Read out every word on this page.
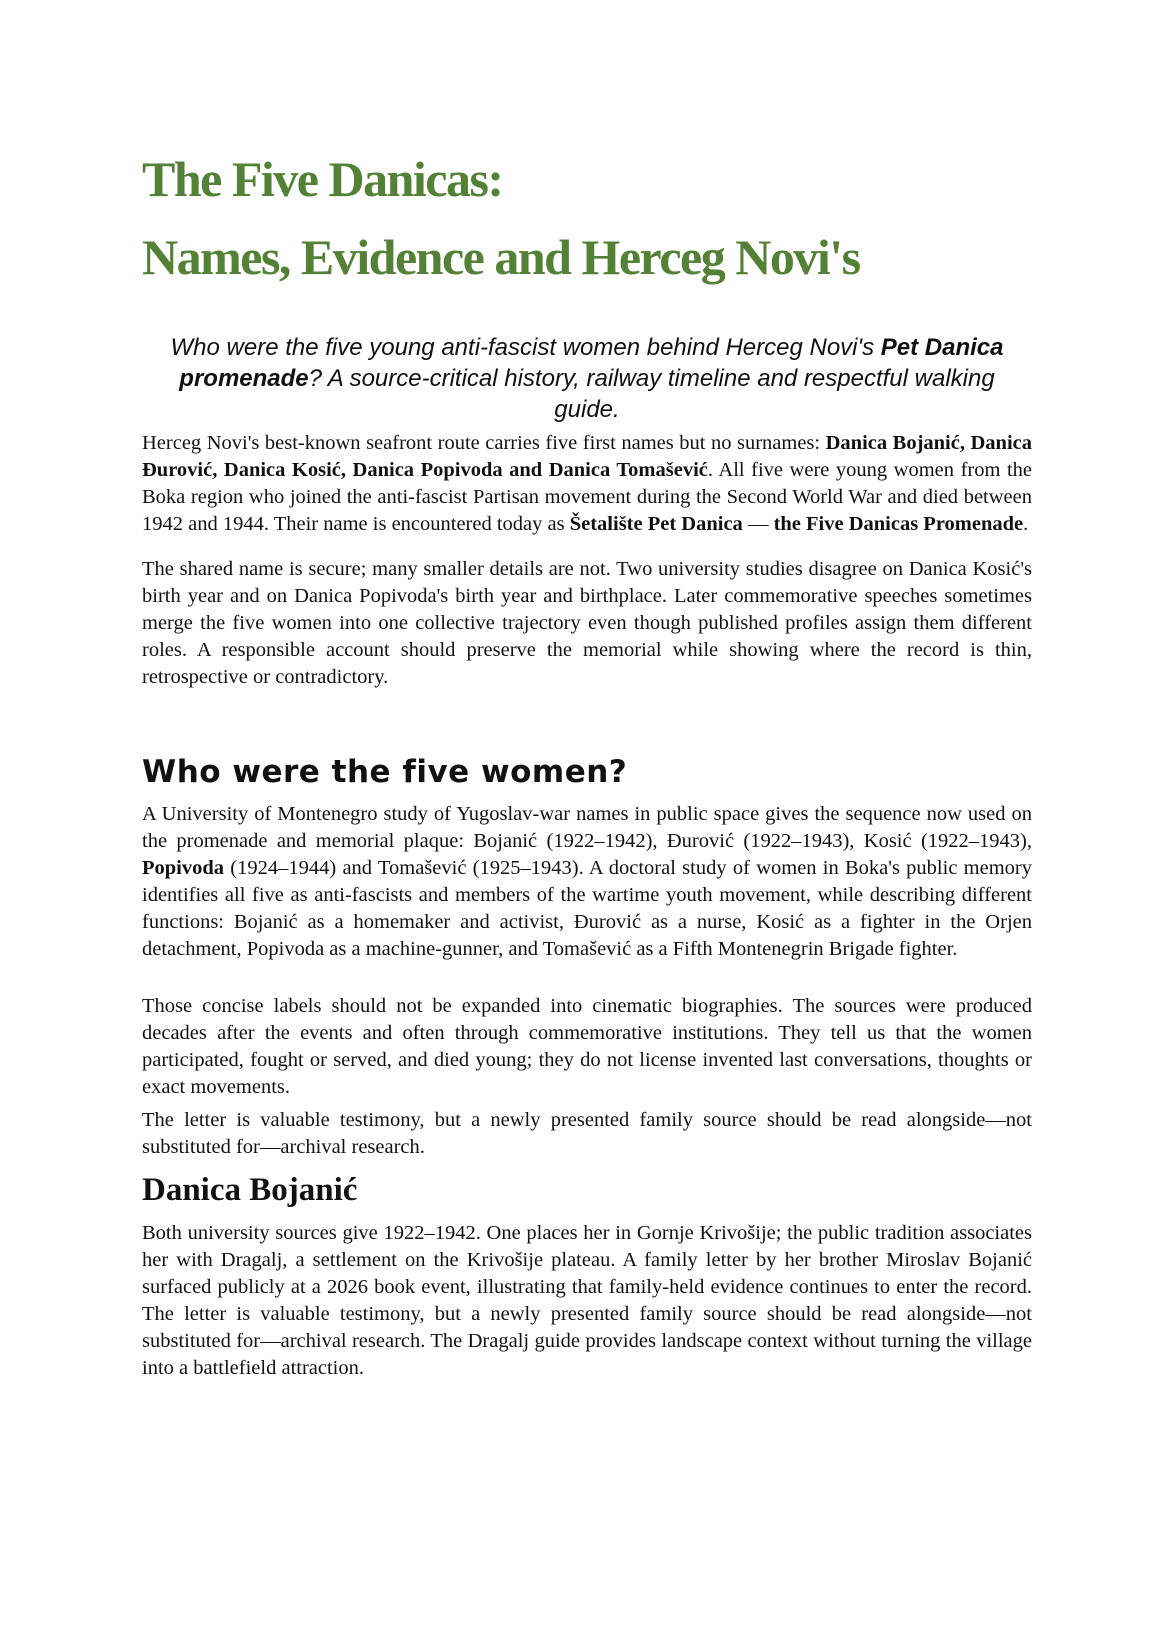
The Five Danicas:
Names, Evidence and Herceg Novi's

Who were the five young anti-fascist women behind Herceg Novi's Pet Danica promenade? A source-critical history, railway timeline and respectful walking guide.

Herceg Novi's best-known seafront route carries five first names but no surnames: Danica Bojanić, Danica Đurović, Danica Kosić, Danica Popivoda and Danica Tomašević. All five were young women from the Boka region who joined the anti-fascist Partisan movement during the Second World War and died between 1942 and 1944. Their name is encountered today as Šetalište Pet Danica — the Five Danicas Promenade.

The shared name is secure; many smaller details are not. Two university studies disagree on Danica Kosić's birth year and on Danica Popivoda's birth year and birthplace. Later commemorative speeches sometimes merge the five women into one collective trajectory even though published profiles assign them different roles. A responsible account should preserve the memorial while showing where the record is thin, retrospective or contradictory.

Who were the five women?

A University of Montenegro study of Yugoslav-war names in public space gives the sequence now used on the promenade and memorial plaque: Bojanić (1922–1942), Đurović (1922–1943), Kosić (1922–1943), Popivoda (1924–1944) and Tomašević (1925–1943). A doctoral study of women in Boka's public memory identifies all five as anti-fascists and members of the wartime youth movement, while describing different functions: Bojanić as a homemaker and activist, Đurović as a nurse, Kosić as a fighter in the Orjen detachment, Popivoda as a machine-gunner, and Tomašević as a Fifth Montenegrin Brigade fighter.

Those concise labels should not be expanded into cinematic biographies. The sources were produced decades after the events and often through commemorative institutions. They tell us that the women participated, fought or served, and died young; they do not license invented last conversations, thoughts or exact movements.

The letter is valuable testimony, but a newly presented family source should be read alongside—not substituted for—archival research.

Danica Bojanić

Both university sources give 1922–1942. One places her in Gornje Krivošije; the public tradition associates her with Dragalj, a settlement on the Krivošije plateau. A family letter by her brother Miroslav Bojanić surfaced publicly at a 2026 book event, illustrating that family-held evidence continues to enter the record. The letter is valuable testimony, but a newly presented family source should be read alongside—not substituted for—archival research. The Dragalj guide provides landscape context without turning the village into a battlefield attraction.
